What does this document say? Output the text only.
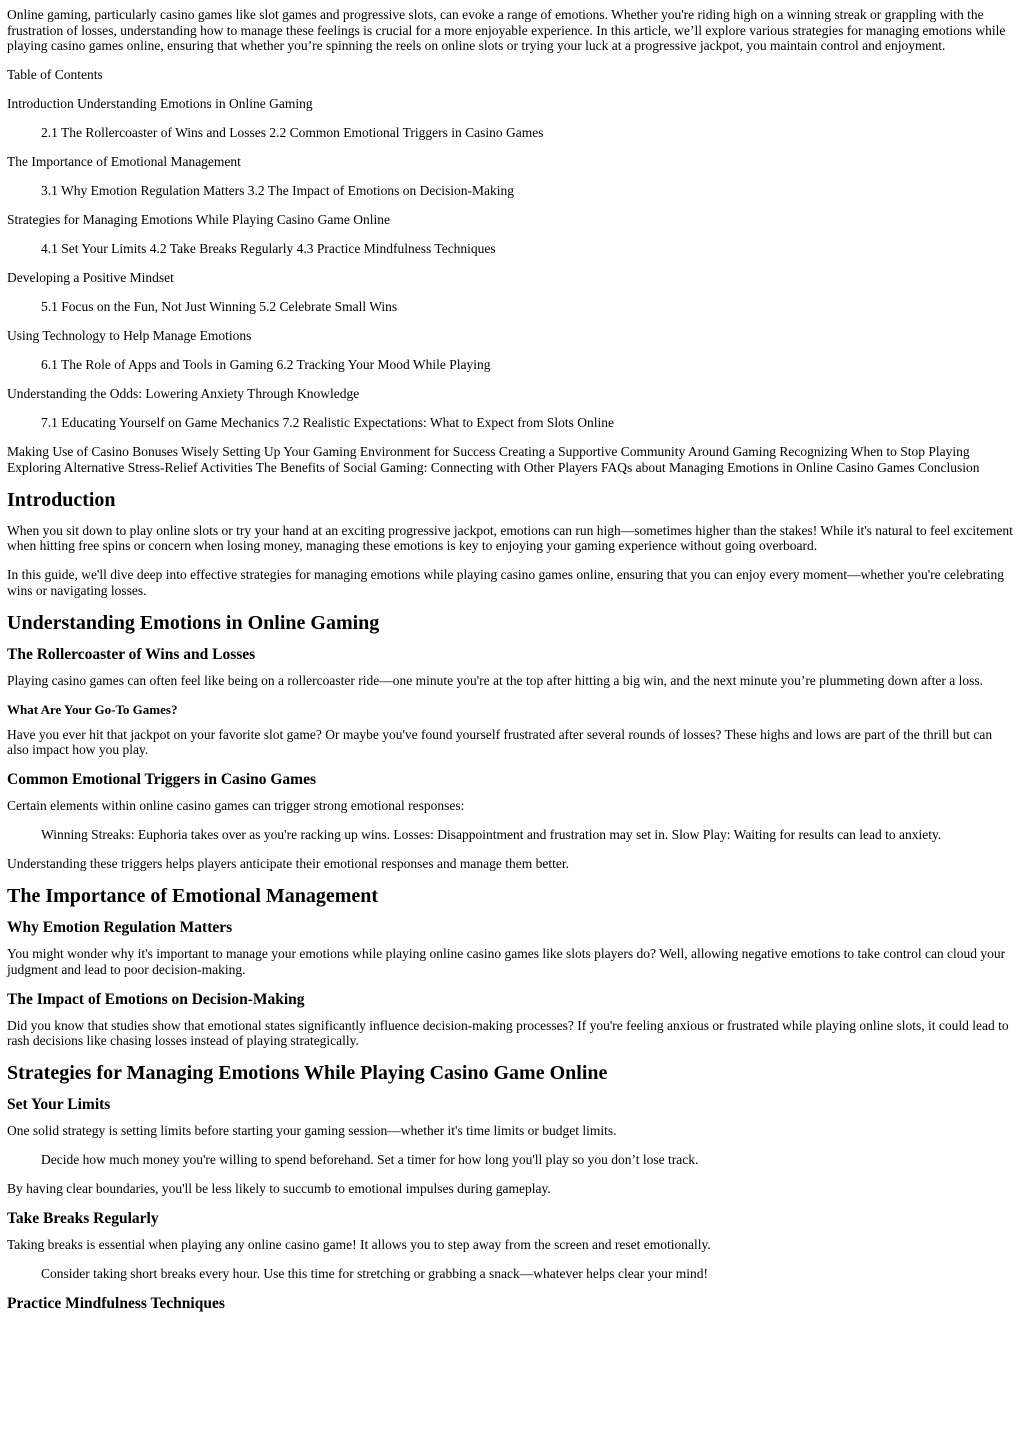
Online gaming, particularly casino games like slot games and progressive slots, can evoke a range of emotions. Whether you're riding high on a winning streak or grappling with the frustration of losses, understanding how to manage these feelings is crucial for a more enjoyable experience. In this article, we’ll explore various strategies for managing emotions while playing casino games online, ensuring that whether you’re spinning the reels on online slots or trying your luck at a progressive jackpot, you maintain control and enjoyment.

Table of Contents

Introduction Understanding Emotions in Online Gaming

2.1 The Rollercoaster of Wins and Losses 2.2 Common Emotional Triggers in Casino Games

The Importance of Emotional Management

3.1 Why Emotion Regulation Matters 3.2 The Impact of Emotions on Decision-Making

Strategies for Managing Emotions While Playing Casino Game Online

4.1 Set Your Limits 4.2 Take Breaks Regularly 4.3 Practice Mindfulness Techniques

Developing a Positive Mindset

5.1 Focus on the Fun, Not Just Winning 5.2 Celebrate Small Wins

Using Technology to Help Manage Emotions

6.1 The Role of Apps and Tools in Gaming 6.2 Tracking Your Mood While Playing

Understanding the Odds: Lowering Anxiety Through Knowledge

7.1 Educating Yourself on Game Mechanics 7.2 Realistic Expectations: What to Expect from Slots Online

Making Use of Casino Bonuses Wisely Setting Up Your Gaming Environment for Success Creating a Supportive Community Around Gaming Recognizing When to Stop Playing Exploring Alternative Stress-Relief Activities The Benefits of Social Gaming: Connecting with Other Players FAQs about Managing Emotions in Online Casino Games Conclusion

Introduction

When you sit down to play online slots or try your hand at an exciting progressive jackpot, emotions can run high—sometimes higher than the stakes! While it's natural to feel excitement when hitting free spins or concern when losing money, managing these emotions is key to enjoying your gaming experience without going overboard.

In this guide, we'll dive deep into effective strategies for managing emotions while playing casino games online, ensuring that you can enjoy every moment—whether you're celebrating wins or navigating losses.

Understanding Emotions in Online Gaming
The Rollercoaster of Wins and Losses

Playing casino games can often feel like being on a rollercoaster ride—one minute you're at the top after hitting a big win, and the next minute you’re plummeting down after a loss.

What Are Your Go-To Games?

Have you ever hit that jackpot on your favorite slot game? Or maybe you've found yourself frustrated after several rounds of losses? These highs and lows are part of the thrill but can also impact how you play.

Common Emotional Triggers in Casino Games

Certain elements within online casino games can trigger strong emotional responses:

Winning Streaks: Euphoria takes over as you're racking up wins. Losses: Disappointment and frustration may set in. Slow Play: Waiting for results can lead to anxiety.

Understanding these triggers helps players anticipate their emotional responses and manage them better.

The Importance of Emotional Management
Why Emotion Regulation Matters

You might wonder why it's important to manage your emotions while playing online casino games like slots players do? Well, allowing negative emotions to take control can cloud your judgment and lead to poor decision-making.

The Impact of Emotions on Decision-Making

Did you know that studies show that emotional states significantly influence decision-making processes? If you're feeling anxious or frustrated while playing online slots, it could lead to rash decisions like chasing losses instead of playing strategically.

Strategies for Managing Emotions While Playing Casino Game Online
Set Your Limits

One solid strategy is setting limits before starting your gaming session—whether it's time limits or budget limits.

Decide how much money you're willing to spend beforehand. Set a timer for how long you'll play so you don’t lose track.

By having clear boundaries, you'll be less likely to succumb to emotional impulses during gameplay.

Take Breaks Regularly

Taking breaks is essential when playing any online casino game! It allows you to step away from the screen and reset emotionally.

Consider taking short breaks every hour. Use this time for stretching or grabbing a snack—whatever helps clear your mind!

Practice Mindfulness Techniques
